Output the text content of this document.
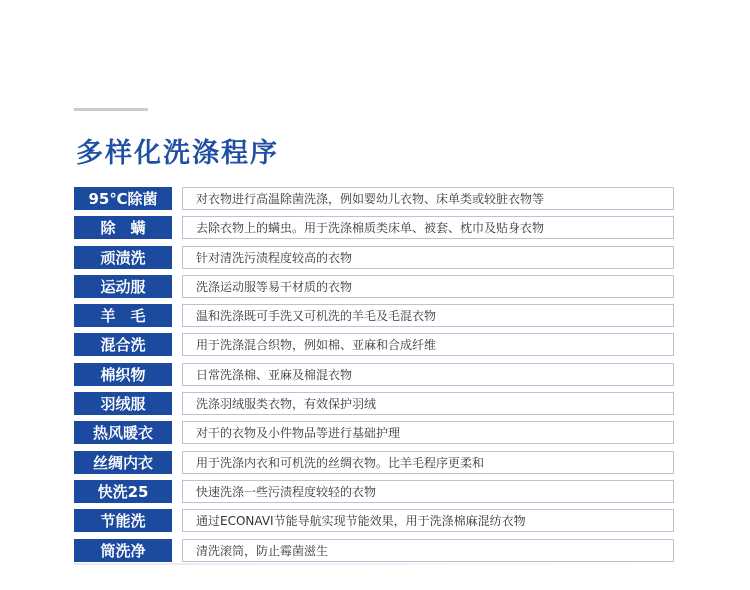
多样化洗涤程序
95℃除菌	对衣物进行高温除菌洗涤，例如婴幼儿衣物、床单类或较脏衣物等
除　螨	去除衣物上的螨虫。用于洗涤棉质类床单、被套、枕巾及贴身衣物
顽渍洗	针对清洗污渍程度较高的衣物
运动服	洗涤运动服等易干材质的衣物
羊　毛	温和洗涤既可手洗又可机洗的羊毛及毛混衣物
混合洗	用于洗涤混合织物，例如棉、亚麻和合成纤维
棉织物	日常洗涤棉、亚麻及棉混衣物
羽绒服	洗涤羽绒服类衣物，有效保护羽绒
热风暖衣	对干的衣物及小件物品等进行基础护理
丝绸内衣	用于洗涤内衣和可机洗的丝绸衣物。比羊毛程序更柔和
快洗25	快速洗涤一些污渍程度较轻的衣物
节能洗	通过ECONAVI节能导航实现节能效果，用于洗涤棉麻混纺衣物
筒洗净	清洗滚筒，防止霉菌滋生
